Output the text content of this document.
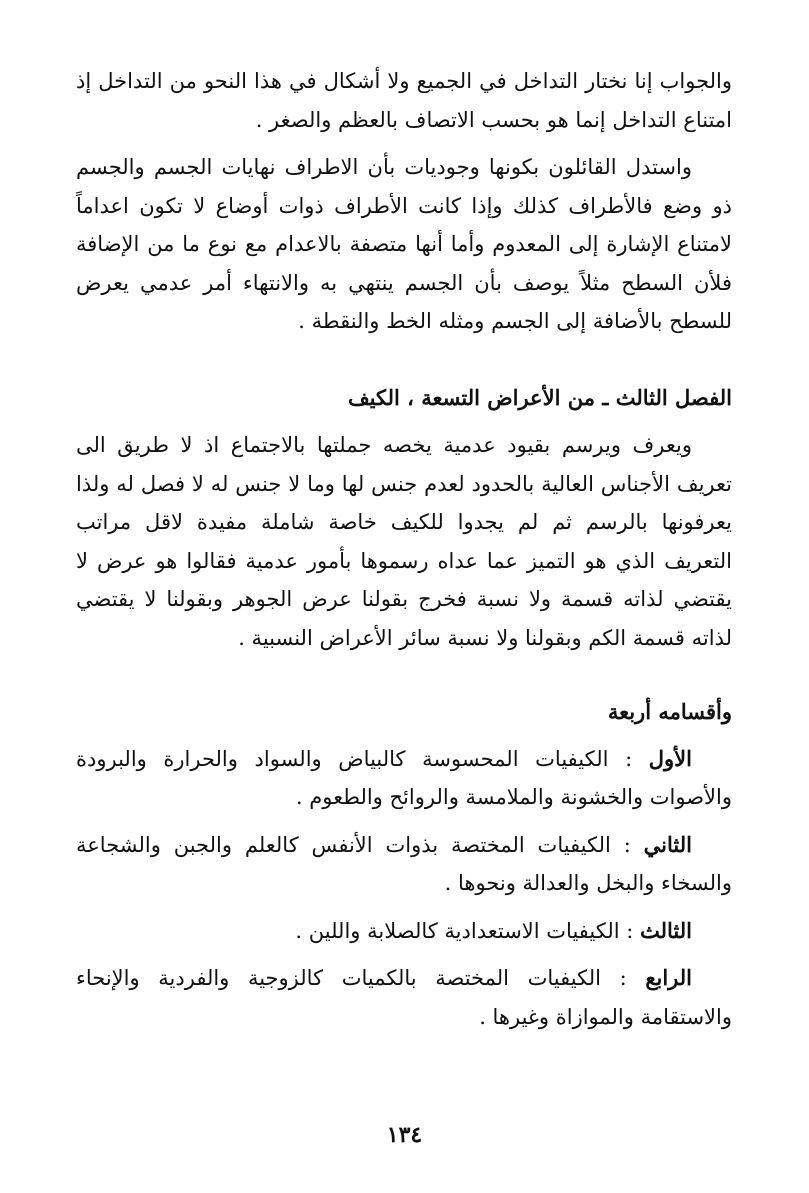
والجواب إنا نختار التداخل في الجميع ولا أشكال في هذا النحو من التداخل إذ امتناع التداخل إنما هو بحسب الاتصاف بالعظم والصغر .

واستدل القائلون بكونها وجوديات بأن الاطراف نهايات الجسم والجسم ذو وضع فالأطراف كذلك وإذا كانت الأطراف ذوات أوضاع لا تكون اعداماً لامتناع الإشارة إلى المعدوم وأما أنها متصفة بالاعدام مع نوع ما من الإضافة فلأن السطح مثلاً يوصف بأن الجسم ينتهي به والانتهاء أمر عدمي يعرض للسطح بالأضافة إلى الجسم ومثله الخط والنقطة .

الفصل الثالث ـ من الأعراض التسعة ، الكيف

ويعرف ويرسم بقيود عدمية يخصه جملتها بالاجتماع اذ لا طريق الى تعريف الأجناس العالية بالحدود لعدم جنس لها وما لا جنس له لا فصل له ولذا يعرفونها بالرسم ثم لم يجدوا للكيف خاصة شاملة مفيدة لاقل مراتب التعريف الذي هو التميز عما عداه رسموها بأمور عدمية فقالوا هو عرض لا يقتضي لذاته قسمة ولا نسبة فخرج بقولنا عرض الجوهر وبقولنا لا يقتضي لذاته قسمة الكم وبقولنا ولا نسبة سائر الأعراض النسبية .

وأقسامه أربعة

الأول : الكيفيات المحسوسة كالبياض والسواد والحرارة والبرودة والأصوات والخشونة والملامسة والروائح والطعوم .

الثاني : الكيفيات المختصة بذوات الأنفس كالعلم والجبن والشجاعة والسخاء والبخل والعدالة ونحوها .

الثالث : الكيفيات الاستعدادية كالصلابة واللين .

الرابع : الكيفيات المختصة بالكميات كالزوجية والفردية والإنحاء والاستقامة والموازاة وغيرها .

١٣٤
